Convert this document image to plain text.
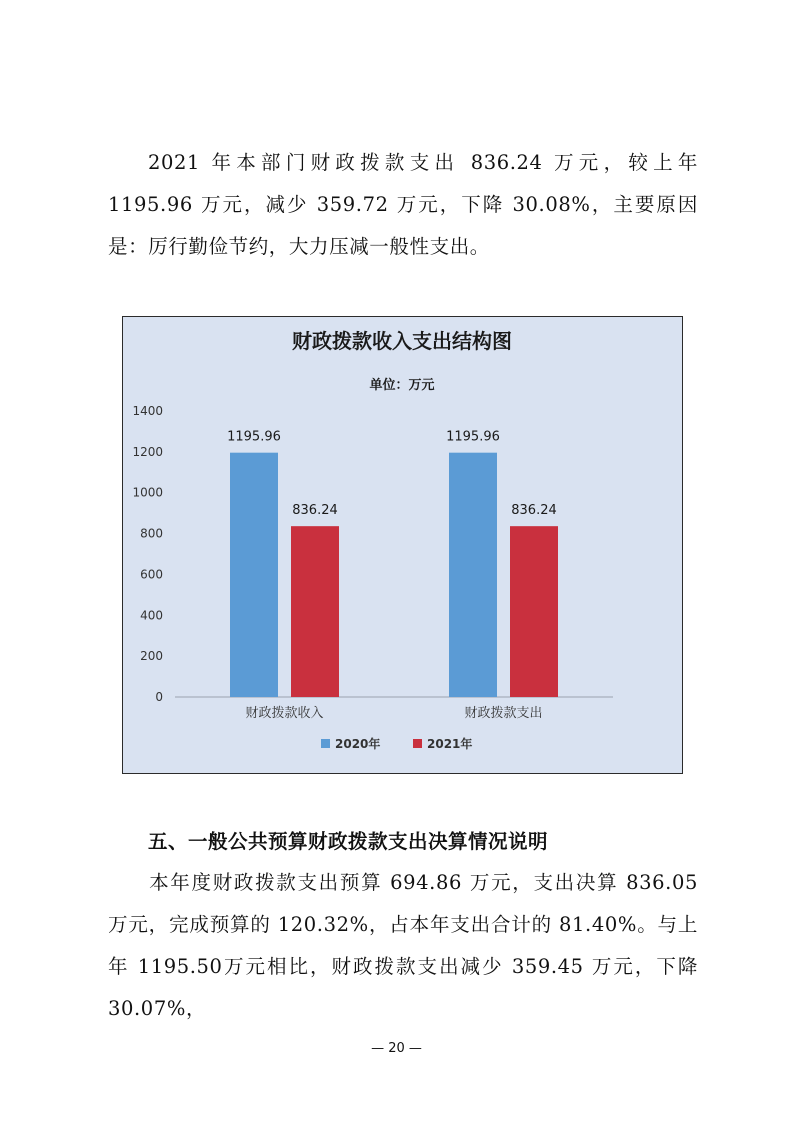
2021 年本部门财政拨款支出 836.24 万元，较上年 1195.96 万元，减少 359.72 万元，下降 30.08%，主要原因是：厉行勤俭节约，大力压减一般性支出。

财政拨款收入支出结构图
单位：万元
0
200
400
600
800
1000
1200
1400
财政拨款收入	财政拨款支出
1195.96
836.24
1195.96
836.24
2020年	2021年
五、一般公共预算财政拨款支出决算情况说明

本年度财政拨款支出预算 694.86 万元，支出决算 836.05 万元，完成预算的 120.32%，占本年支出合计的 81.40%。与上年 1195.50万元相比，财政拨款支出减少 359.45 万元，下降 30.07%，

— 20 —
